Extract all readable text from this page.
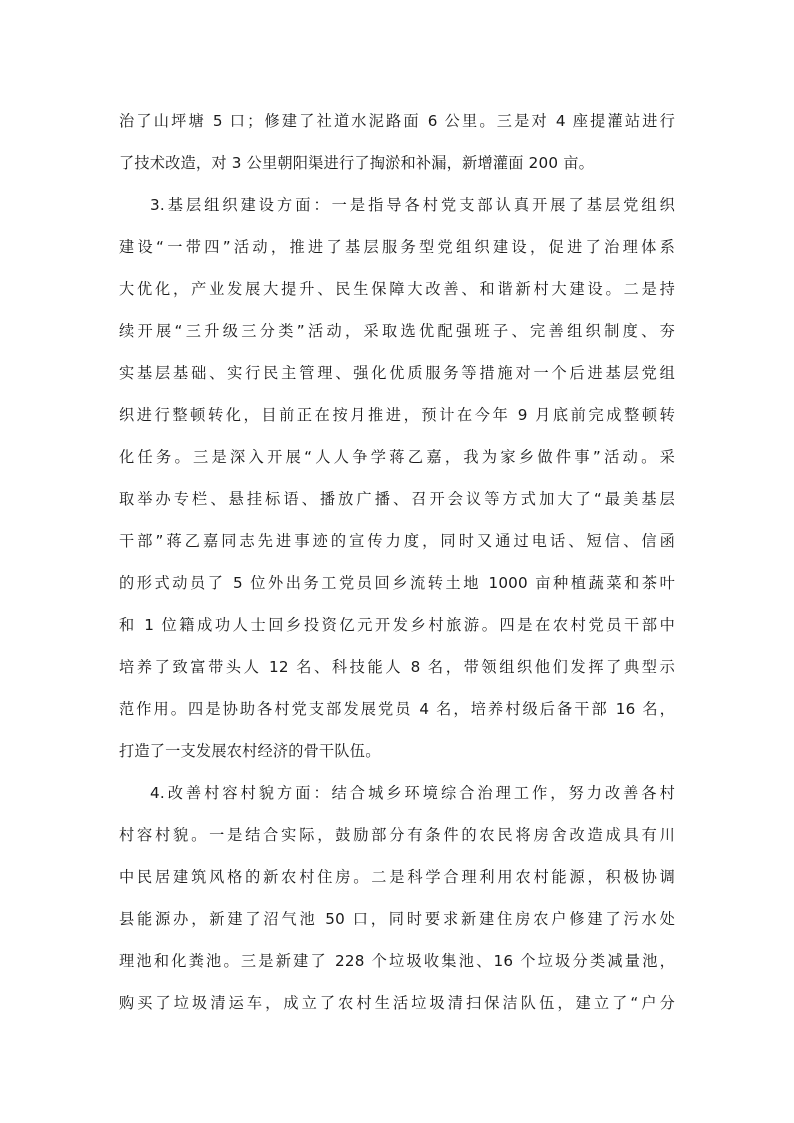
治了山坪塘 5 口；修建了社道水泥路面 6 公里。三是对 4 座提灌站进行
了技术改造，对 3 公里朝阳渠进行了掏淤和补漏，新增灌面 200 亩。
3.基层组织建设方面：一是指导各村党支部认真开展了基层党组织
建设“一带四”活动，推进了基层服务型党组织建设，促进了治理体系
大优化，产业发展大提升、民生保障大改善、和谐新村大建设。二是持
续开展“三升级三分类”活动，采取选优配强班子、完善组织制度、夯
实基层基础、实行民主管理、强化优质服务等措施对一个后进基层党组
织进行整顿转化，目前正在按月推进，预计在今年 9 月底前完成整顿转
化任务。三是深入开展“人人争学蒋乙嘉，我为家乡做件事”活动。采
取举办专栏、悬挂标语、播放广播、召开会议等方式加大了“最美基层
干部”蒋乙嘉同志先进事迹的宣传力度，同时又通过电话、短信、信函
的形式动员了 5 位外出务工党员回乡流转土地 1000 亩种植蔬菜和茶叶
和 1 位籍成功人士回乡投资亿元开发乡村旅游。四是在农村党员干部中
培养了致富带头人 12 名、科技能人 8 名，带领组织他们发挥了典型示
范作用。四是协助各村党支部发展党员 4 名，培养村级后备干部 16 名，
打造了一支发展农村经济的骨干队伍。
4.改善村容村貌方面：结合城乡环境综合治理工作，努力改善各村
村容村貌。一是结合实际，鼓励部分有条件的农民将房舍改造成具有川
中民居建筑风格的新农村住房。二是科学合理利用农村能源，积极协调
县能源办，新建了沼气池 50 口，同时要求新建住房农户修建了污水处
理池和化粪池。三是新建了 228 个垃圾收集池、16 个垃圾分类减量池，
购买了垃圾清运车，成立了农村生活垃圾清扫保洁队伍，建立了“户分
